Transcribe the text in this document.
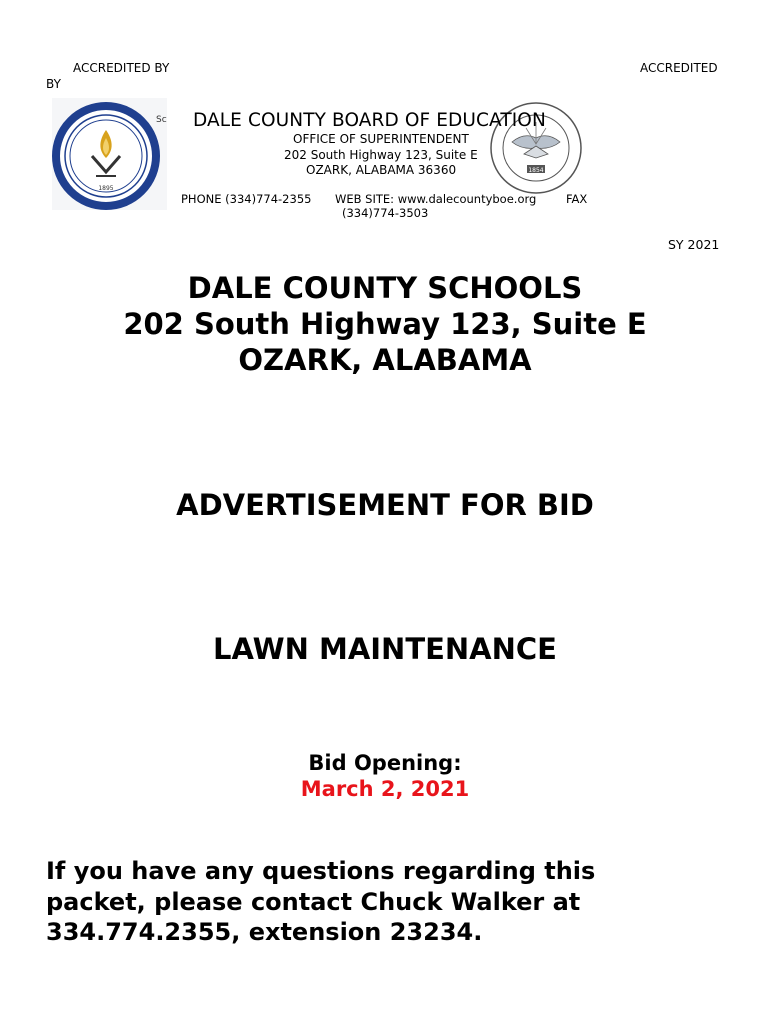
ACCREDITED BY
BY
ACCREDITED
1895
Sc
1854
DALE COUNTY BOARD OF EDUCATION
OFFICE OF SUPERINTENDENT
202 South Highway 123, Suite E
OZARK, ALABAMA 36360
PHONE (334)774-2355 WEB SITE: www.dalecountyboe.org	FAX
(334)774-3503
SY 2021
DALE COUNTY SCHOOLS
202 South Highway 123, Suite E
OZARK, ALABAMA
ADVERTISEMENT FOR BID
LAWN MAINTENANCE
Bid Opening:
March 2, 2021
If you have any questions regarding this packet, please contact Chuck Walker at 334.774.2355, extension 23234.
